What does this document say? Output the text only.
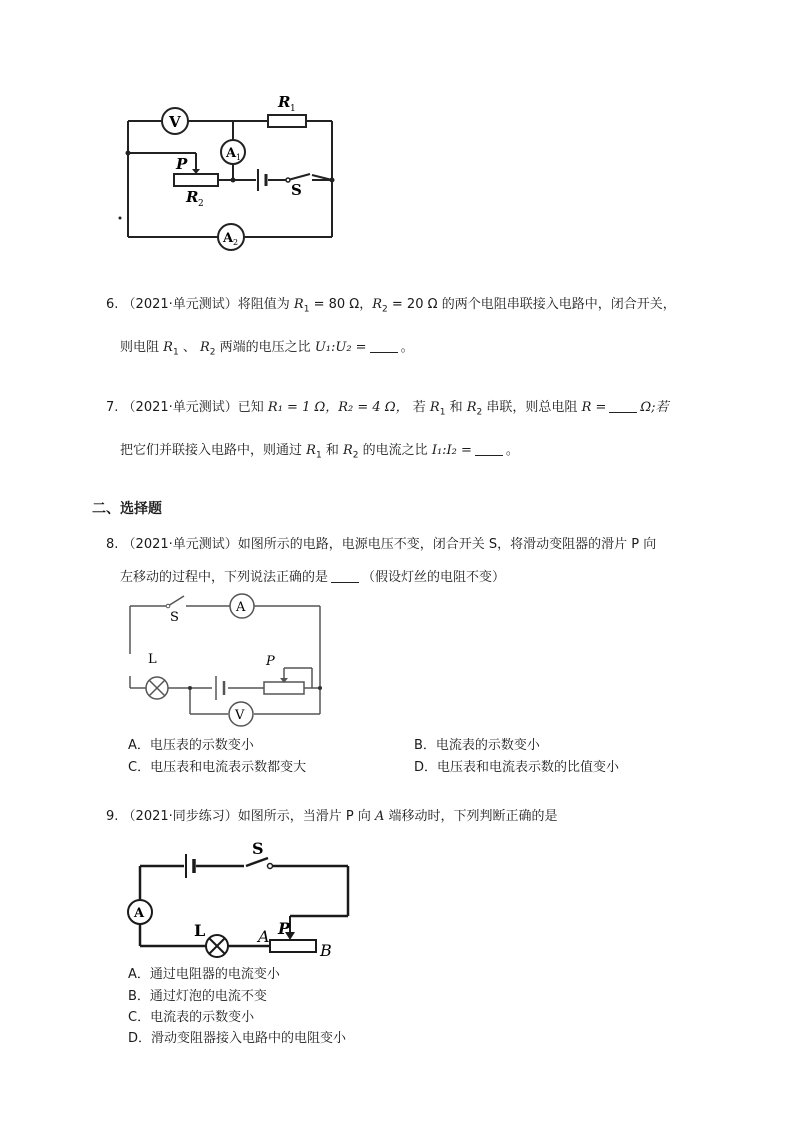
V
R 1
A 1
P
R 2
S
A 2
6. （2021·单元测试）将阻值为 $R_1 = 80$ Ω，$R_2 = 20$ Ω 的两个电阻串联接入电路中，闭合开关，
则电阻 $R_1$ 、 $R_2$ 两端的电压之比 U₁:U₂ =	。
7. （2021·单元测试）已知 R₁ = 1 Ω，R₂ = 4 Ω， 若 $R_1$ 和 $R_2$ 串联，则总电阻 R =	Ω;若
把它们并联接入电路中，则通过 $R_1$ 和 $R_2$ 的电流之比 I₁:I₂ =	。
二、选择题
8. （2021·单元测试）如图所示的电路，电源电压不变，闭合开关 S，将滑动变阻器的滑片 P 向
左移动的过程中，下列说法正确的是	（假设灯丝的电阻不变）
S
A
L	P
V
A．电压表的示数变小	B．电流表的示数变小
C．电压表和电流表示数都变大	D．电压表和电流表示数的比值变小
9. （2021·同步练习）如图所示，当滑片 P 向 A 端移动时，下列判断正确的是
S
A
L	A P
B
A．通过电阻器的电流变小
B．通过灯泡的电流不变
C．电流表的示数变小
D．滑动变阻器接入电路中的电阻变小
